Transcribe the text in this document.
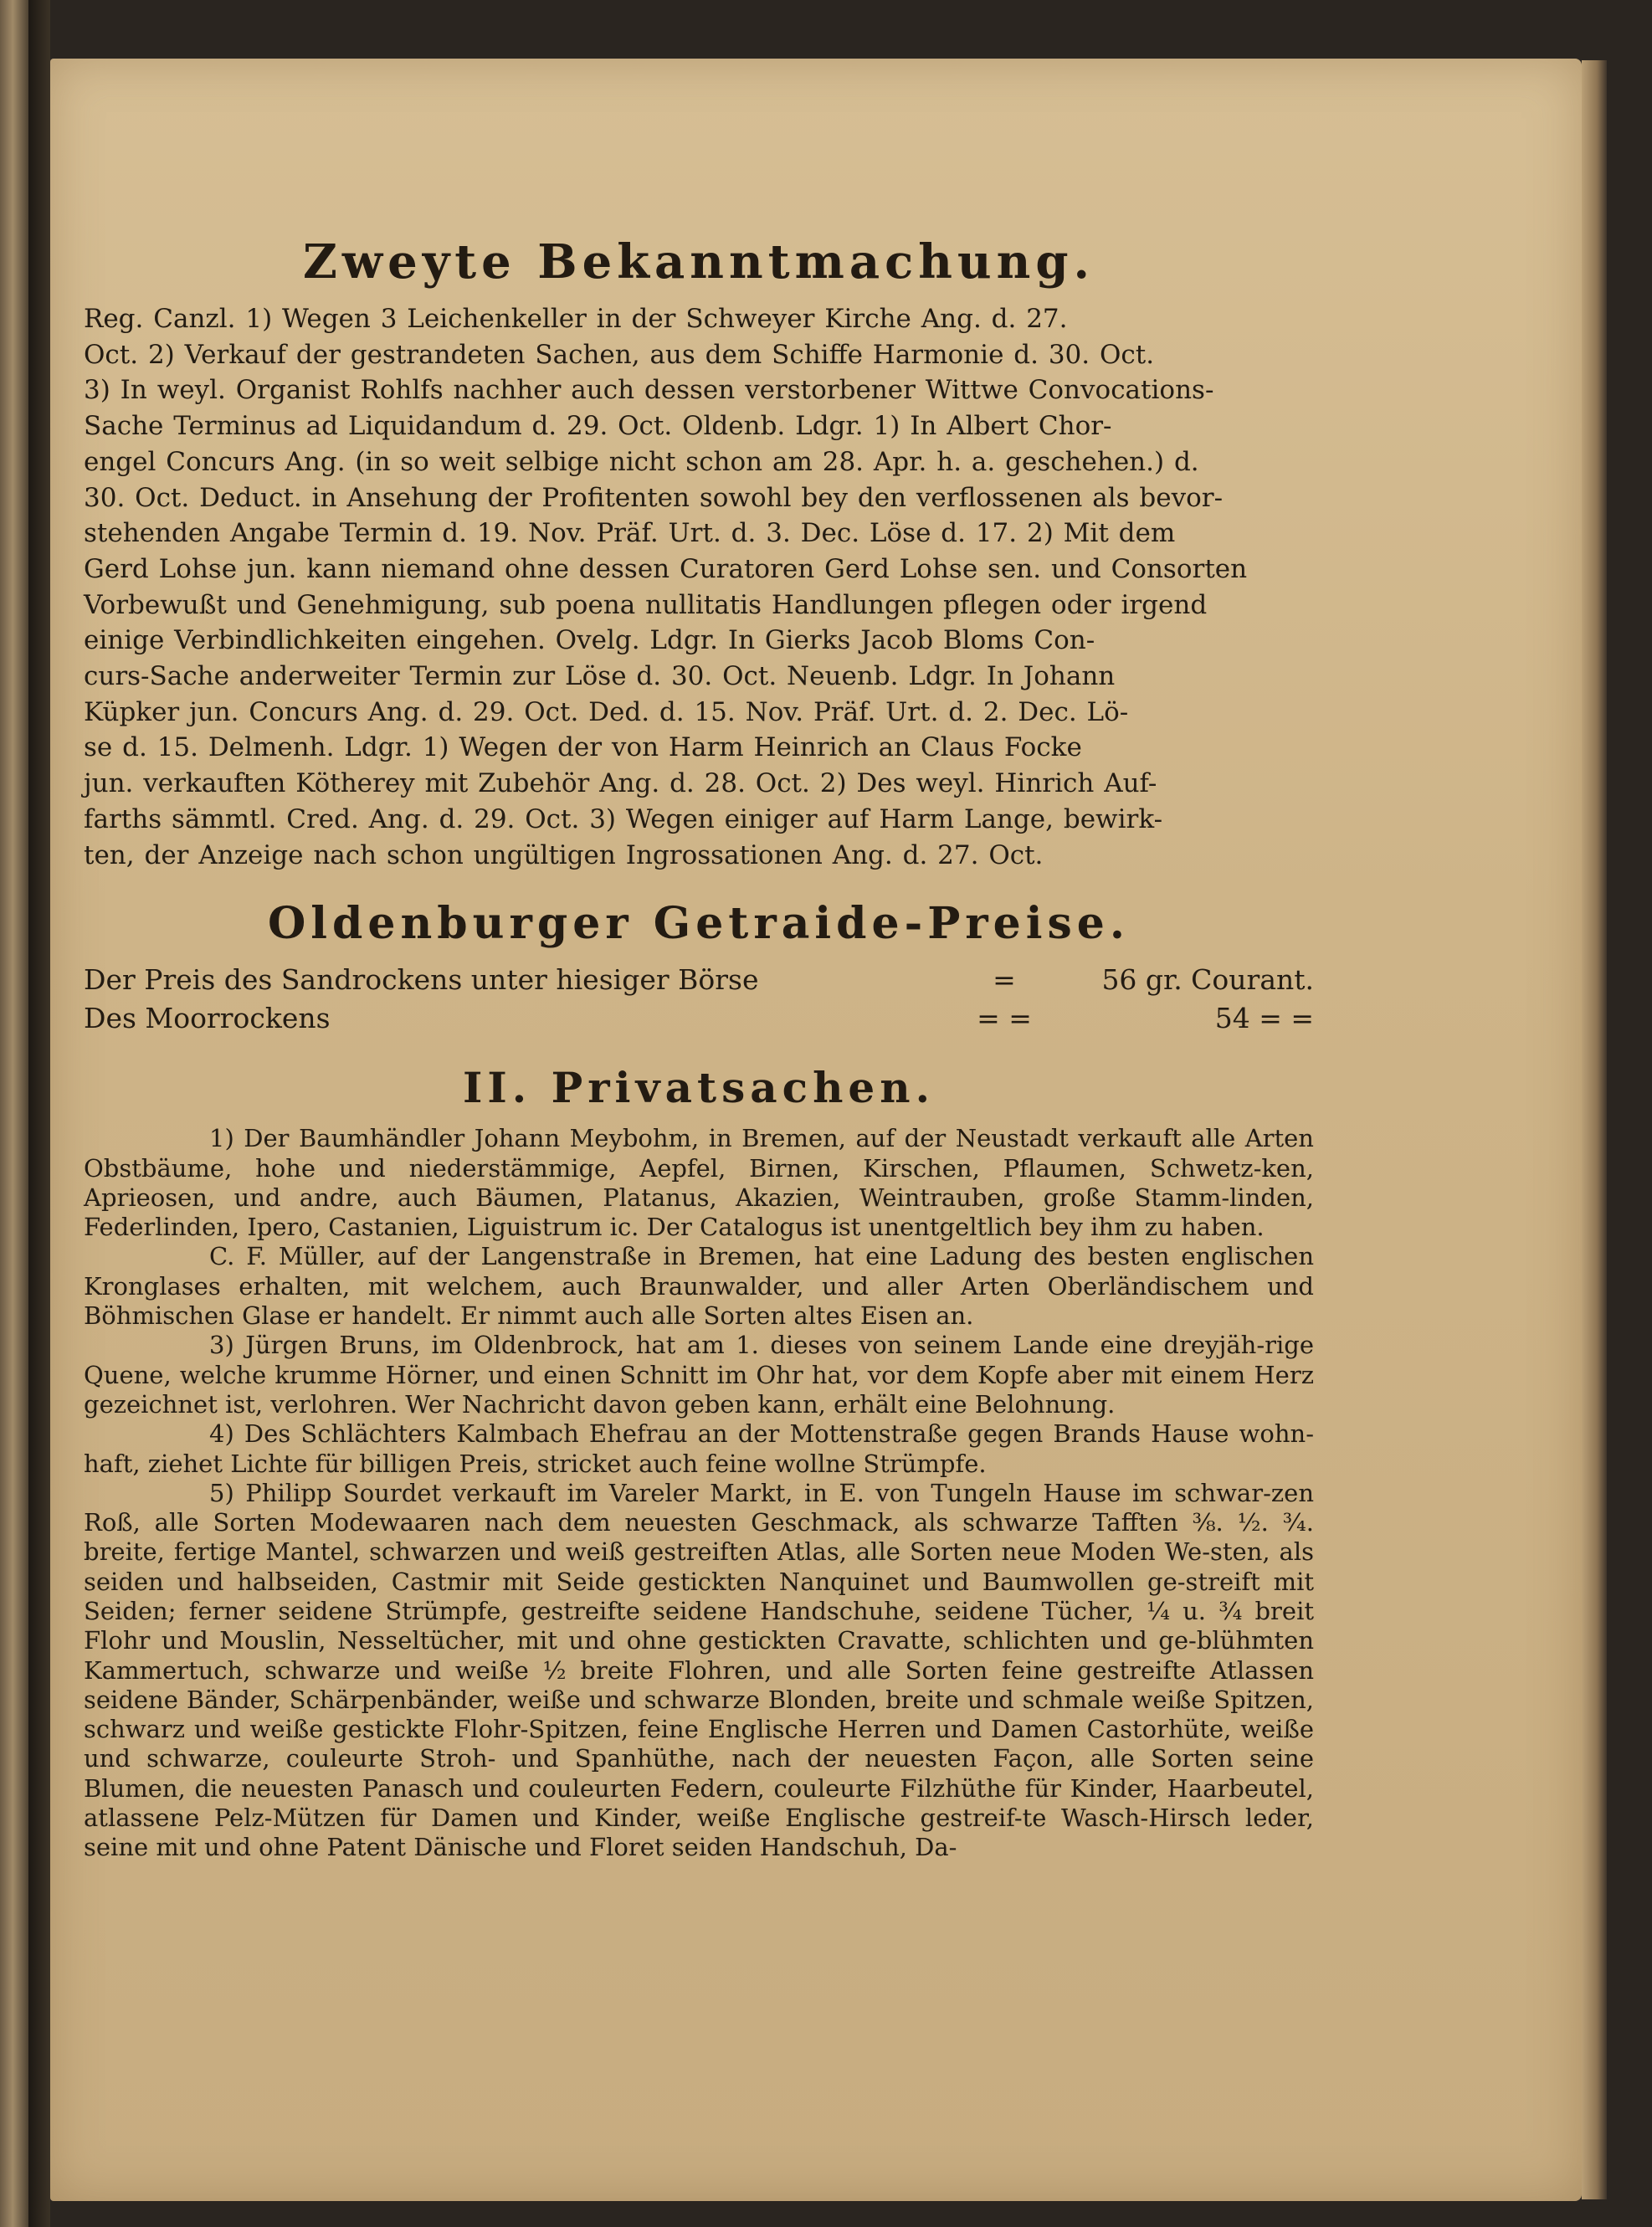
Zweyte Bekanntmachung.

Reg. Canzl. 1) Wegen 3 Leichenkeller in der Schweyer Kirche Ang. d. 27.

Oct. 2) Verkauf der gestrandeten Sachen, aus dem Schiffe Harmonie d. 30. Oct.

3) In weyl. Organist Rohlfs nachher auch dessen verstorbener Wittwe Convocations-

Sache Terminus ad Liquidandum d. 29. Oct. Oldenb. Ldgr. 1) In Albert Chor-

engel Concurs Ang. (in so weit selbige nicht schon am 28. Apr. h. a. geschehen.) d.

30. Oct. Deduct. in Ansehung der Profitenten sowohl bey den verflossenen als bevor-

stehenden Angabe Termin d. 19. Nov. Präf. Urt. d. 3. Dec. Löse d. 17. 2) Mit dem

Gerd Lohse jun. kann niemand ohne dessen Curatoren Gerd Lohse sen. und Consorten

Vorbewußt und Genehmigung, sub poena nullitatis Handlungen pflegen oder irgend

einige Verbindlichkeiten eingehen. Ovelg. Ldgr. In Gierks Jacob Bloms Con-

curs-Sache anderweiter Termin zur Löse d. 30. Oct. Neuenb. Ldgr. In Johann

Küpker jun. Concurs Ang. d. 29. Oct. Ded. d. 15. Nov. Präf. Urt. d. 2. Dec. Lö-

se d. 15. Delmenh. Ldgr. 1) Wegen der von Harm Heinrich an Claus Focke

jun. verkauften Kötherey mit Zubehör Ang. d. 28. Oct. 2) Des weyl. Hinrich Auf-

farths sämmtl. Cred. Ang. d. 29. Oct. 3) Wegen einiger auf Harm Lange, bewirk-

ten, der Anzeige nach schon ungültigen Ingrossationen Ang. d. 27. Oct.

Oldenburger Getraide-Preise.
Der Preis des Sandrockens unter hiesiger Börse	=	56 gr. Courant.
Des Moorrockens	= =	54 = =
II. Privatsachen.

1) Der Baumhändler Johann Meybohm, in Bremen, auf der Neustadt verkauft alle Arten Obstbäume, hohe und niederstämmige, Aepfel, Birnen, Kirschen, Pflaumen, Schwetz-ken, Aprieosen, und andre, auch Bäumen, Platanus, Akazien, Weintrauben, große Stamm-linden, Federlinden, Ipero, Castanien, Liguistrum ic. Der Catalogus ist unentgeltlich bey ihm zu haben.

C. F. Müller, auf der Langenstraße in Bremen, hat eine Ladung des besten englischen Kronglases erhalten, mit welchem, auch Braunwalder, und aller Arten Oberländischem und Böhmischen Glase er handelt. Er nimmt auch alle Sorten altes Eisen an.

3) Jürgen Bruns, im Oldenbrock, hat am 1. dieses von seinem Lande eine dreyjäh-rige Quene, welche krumme Hörner, und einen Schnitt im Ohr hat, vor dem Kopfe aber mit einem Herz gezeichnet ist, verlohren. Wer Nachricht davon geben kann, erhält eine Belohnung.

4) Des Schlächters Kalmbach Ehefrau an der Mottenstraße gegen Brands Hause wohn-haft, ziehet Lichte für billigen Preis, stricket auch feine wollne Strümpfe.

5) Philipp Sourdet verkauft im Vareler Markt, in E. von Tungeln Hause im schwar-zen Roß, alle Sorten Modewaaren nach dem neuesten Geschmack, als schwarze Tafften ⅜. ½. ¾. breite, fertige Mantel, schwarzen und weiß gestreiften Atlas, alle Sorten neue Moden We-sten, als seiden und halbseiden, Castmir mit Seide gestickten Nanquinet und Baumwollen ge-streift mit Seiden; ferner seidene Strümpfe, gestreifte seidene Handschuhe, seidene Tücher, ¼ u. ¾ breit Flohr und Mouslin, Nesseltücher, mit und ohne gestickten Cravatte, schlichten und ge-blühmten Kammertuch, schwarze und weiße ½ breite Flohren, und alle Sorten feine gestreifte Atlassen seidene Bänder, Schärpenbänder, weiße und schwarze Blonden, breite und schmale weiße Spitzen, schwarz und weiße gestickte Flohr-Spitzen, feine Englische Herren und Damen Castorhüte, weiße und schwarze, couleurte Stroh- und Spanhüthe, nach der neuesten Façon, alle Sorten seine Blumen, die neuesten Panasch und couleurten Federn, couleurte Filzhüthe für Kinder, Haarbeutel, atlassene Pelz-Mützen für Damen und Kinder, weiße Englische gestreif-te Wasch-Hirsch leder, seine mit und ohne Patent Dänische und Floret seiden Handschuh, Da-
